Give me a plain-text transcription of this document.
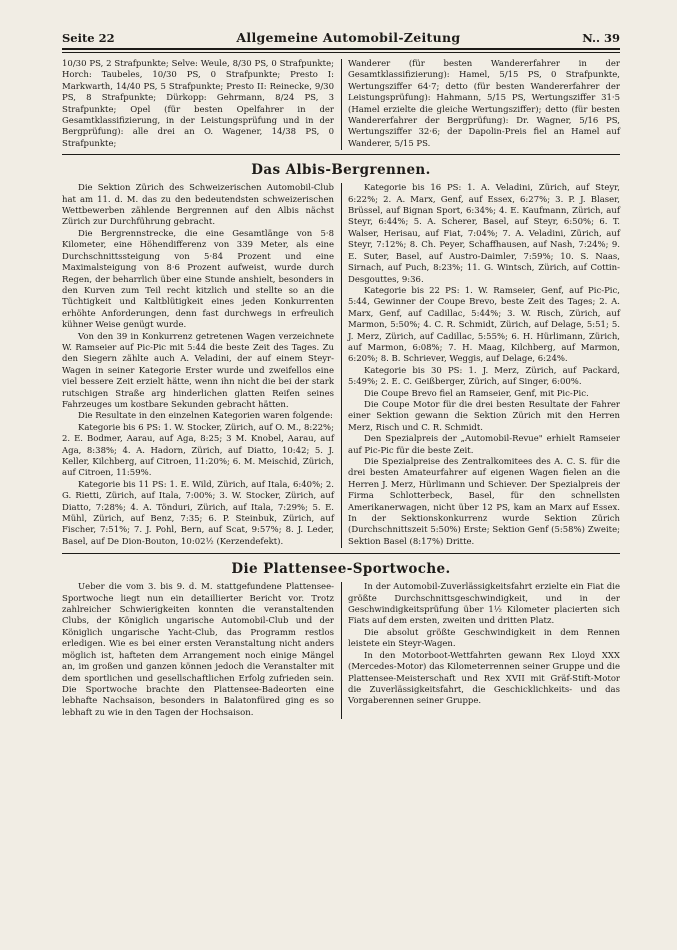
Seite 22	Allgemeine Automobil-Zeitung	N.. 39

10/30 PS, 2 Strafpunkte; Selve: Weule, 8/30 PS, 0 Strafpunkte; Horch: Taubeles, 10/30 PS, 0 Strafpunkte; Presto I: Markwarth, 14/40 PS, 5 Strafpunkte; Presto II: Reinecke, 9/30 PS, 8 Strafpunkte; Dürkopp: Gehrmann, 8/24 PS, 3 Strafpunkte; Opel (für besten Opelfahrer in der Gesamtklassifizierung, in der Leistungsprüfung und in der Bergprüfung): alle drei an O. Wagener, 14/38 PS, 0 Strafpunkte;

Wanderer (für besten Wandererfahrer in der Gesamtklassifizierung): Hamel, 5/15 PS, 0 Strafpunkte, Wertungsziffer 64·7; detto (für besten Wandererfahrer der Leistungsprüfung): Hahmann, 5/15 PS, Wertungsziffer 31·5 (Hamel erzielte die gleiche Wertungsziffer); detto (für besten Wandererfahrer der Bergprüfung): Dr. Wagner, 5/16 PS, Wertungsziffer 32·6; der Dapolin-Preis fiel an Hamel auf Wanderer, 5/15 PS.

Das Albis-Bergrennen.

Die Sektion Zürich des Schweizerischen Automobil-Club hat am 11. d. M. das zu den bedeutendsten schweizerischen Wettbewerben zählende Bergrennen auf den Albis nächst Zürich zur Durchführung gebracht.

Die Bergrennstrecke, die eine Gesamtlänge von 5·8 Kilometer, eine Höhendifferenz von 339 Meter, als eine Durchschnittssteigung von 5·84 Prozent und eine Maximalsteigung von 8·6 Prozent aufweist, wurde durch Regen, der beharrlich über eine Stunde anshielt, besonders in den Kurven zum Teil recht kitzlich und stellte so an die Tüchtigkeit und Kaltblütigkeit eines jeden Konkurrenten erhöhte Anforderungen, denn fast durchwegs in erfreulich kühner Weise genügt wurde.

Von den 39 in Konkurrenz getretenen Wagen verzeichnete W. Ramseier auf Pic-Pic mit 5:44 die beste Zeit des Tages. Zu den Siegern zählte auch A. Veladini, der auf einem Steyr-Wagen in seiner Kategorie Erster wurde und zweifellos eine viel bessere Zeit erzielt hätte, wenn ihn nicht die bei der stark rutschigen Straße arg hinderlichen glatten Reifen seines Fahrzeuges um kostbare Sekunden gebracht hätten.

Die Resultate in den einzelnen Kategorien waren folgende:

Kategorie bis 6 PS: 1. W. Stocker, Zürich, auf O. M., 8:22%; 2. E. Bodmer, Aarau, auf Aga, 8:25; 3 M. Knobel, Aarau, auf Aga, 8:38%; 4. A. Hadorn, Zürich, auf Diatto, 10:42; 5. J. Keller, Kilchberg, auf Citroen, 11:20%; 6. M. Meischid, Zürich, auf Citroen, 11:59%.

Kategorie bis 11 PS: 1. E. Wild, Zürich, auf Itala, 6:40%; 2. G. Rietti, Zürich, auf Itala, 7:00%; 3. W. Stocker, Zürich, auf Diatto, 7:28%; 4. A. Tönduri, Zürich, auf Itala, 7:29%; 5. E. Mühl, Zürich, auf Benz, 7:35; 6. P. Steinbuk, Zürich, auf Fischer, 7:51%; 7. J. Pohl, Bern, auf Scat, 9:57%; 8. J. Leder, Basel, auf De Dion-Bouton, 10:02½ (Kerzendefekt).

Kategorie bis 16 PS: 1. A. Veladini, Zürich, auf Steyr, 6:22%; 2. A. Marx, Genf, auf Essex, 6:27%; 3. P. J. Blaser, Brüssel, auf Bignan Sport, 6:34%; 4. E. Kaufmann, Zürich, auf Steyr, 6:44%; 5. A. Scherer, Basel, auf Steyr, 6:50%; 6. T. Walser, Herisau, auf Fiat, 7:04%; 7. A. Veladini, Zürich, auf Steyr, 7:12%; 8. Ch. Peyer, Schaffhausen, auf Nash, 7:24%; 9. E. Suter, Basel, auf Austro-Daimler, 7:59%; 10. S. Naas, Sirnach, auf Puch, 8:23%; 11. G. Wintsch, Zürich, auf Cottin-Desgouttes, 9:36.

Kategorie bis 22 PS: 1. W. Ramseier, Genf, auf Pic-Pic, 5:44, Gewinner der Coupe Brevo, beste Zeit des Tages; 2. A. Marx, Genf, auf Cadillac, 5:44%; 3. W. Risch, Zürich, auf Marmon, 5:50%; 4. C. R. Schmidt, Zürich, auf Delage, 5:51; 5. J. Merz, Zürich, auf Cadillac, 5:55%; 6. H. Hürlimann, Zürich, auf Marmon, 6:08%; 7. H. Maag, Kilchberg, auf Marmon, 6:20%; 8. B. Schriever, Weggis, auf Delage, 6:24%.

Kategorie bis 30 PS: 1. J. Merz, Zürich, auf Packard, 5:49%; 2. E. C. Geißberger, Zürich, auf Singer, 6:00%.

Die Coupe Brevo fiel an Ramseier, Genf, mit Pic-Pic.

Die Coupe Motor für die drei besten Resultate der Fahrer einer Sektion gewann die Sektion Zürich mit den Herren Merz, Risch und C. R. Schmidt.

Den Spezialpreis der „Automobil-Revue" erhielt Ramseier auf Pic-Pic für die beste Zeit.

Die Spezialpreise des Zentralkomitees des A. C. S. für die drei besten Amateurfahrer auf eigenen Wagen fielen an die Herren J. Merz, Hürlimann und Schiever. Der Spezialpreis der Firma Schlotterbeck, Basel, für den schnellsten Amerikanerwagen, nicht über 12 PS, kam an Marx auf Essex. In der Sektionskonkurrenz wurde Sektion Zürich (Durchschnittszeit 5:50%) Erste; Sektion Genf (5:58%) Zweite; Sektion Basel (8:17%) Dritte.

Die Plattensee-Sportwoche.

Ueber die vom 3. bis 9. d. M. stattgefundene Plattensee-Sportwoche liegt nun ein detaillierter Bericht vor. Trotz zahlreicher Schwierigkeiten konnten die veranstaltenden Clubs, der Königlich ungarische Automobil-Club und der Königlich ungarische Yacht-Club, das Programm restlos erledigen. Wie es bei einer ersten Veranstaltung nicht anders möglich ist, hafteten dem Arrangement noch einige Mängel an, im großen und ganzen können jedoch die Veranstalter mit dem sportlichen und gesellschaftlichen Erfolg zufrieden sein. Die Sportwoche brachte den Plattensee-Badeorten eine lebhafte Nachsaison, besonders in Balatonfüred ging es so lebhaft zu wie in den Tagen der Hochsaison.

In der Automobil-Zuverlässigkeitsfahrt erzielte ein Fiat die größte Durchschnittsgeschwindigkeit, und in der Geschwindigkeitsprüfung über 1½ Kilometer placierten sich Fiats auf dem ersten, zweiten und dritten Platz.

Die absolut größte Geschwindigkeit in dem Rennen leistete ein Steyr-Wagen.

In den Motorboot-Wettfahrten gewann Rex Lloyd XXX (Mercedes-Motor) das Kilometerrennen seiner Gruppe und die Plattensee-Meisterschaft und Rex XVII mit Gräf-Stift-Motor die Zuverlässigkeitsfahrt, die Geschicklichkeits- und das Vorgaberennen seiner Gruppe.
